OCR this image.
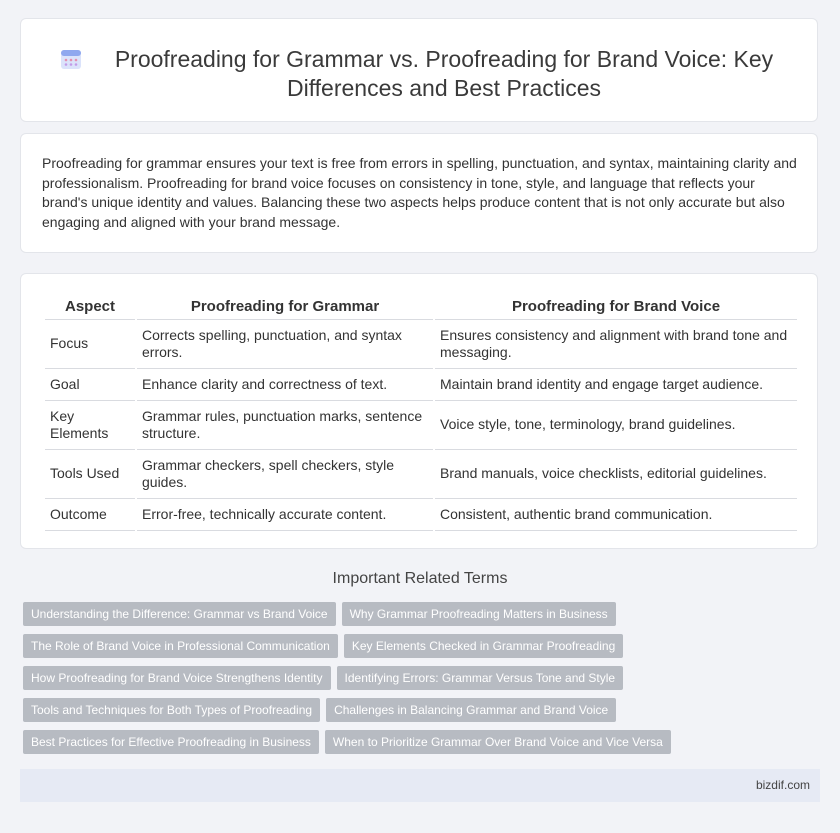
Proofreading for Grammar vs. Proofreading for Brand Voice: Key Differences and Best Practices

Proofreading for grammar ensures your text is free from errors in spelling, punctuation, and syntax, maintaining clarity and professionalism. Proofreading for brand voice focuses on consistency in tone, style, and language that reflects your brand's unique identity and values. Balancing these two aspects helps produce content that is not only accurate but also engaging and aligned with your brand message.

Aspect	Proofreading for Grammar	Proofreading for Brand Voice
Focus	Corrects spelling, punctuation, and syntax errors.	Ensures consistency and alignment with brand tone and messaging.
Goal	Enhance clarity and correctness of text.	Maintain brand identity and engage target audience.
Key Elements	Grammar rules, punctuation marks, sentence structure.	Voice style, tone, terminology, brand guidelines.
Tools Used	Grammar checkers, spell checkers, style guides.	Brand manuals, voice checklists, editorial guidelines.
Outcome	Error-free, technically accurate content.	Consistent, authentic brand communication.
Important Related Terms
Understanding the Difference: Grammar vs Brand Voice Why Grammar Proofreading Matters in Business
The Role of Brand Voice in Professional Communication Key Elements Checked in Grammar Proofreading
How Proofreading for Brand Voice Strengthens Identity Identifying Errors: Grammar Versus Tone and Style
Tools and Techniques for Both Types of Proofreading Challenges in Balancing Grammar and Brand Voice
Best Practices for Effective Proofreading in Business When to Prioritize Grammar Over Brand Voice and Vice Versa
bizdif.com
